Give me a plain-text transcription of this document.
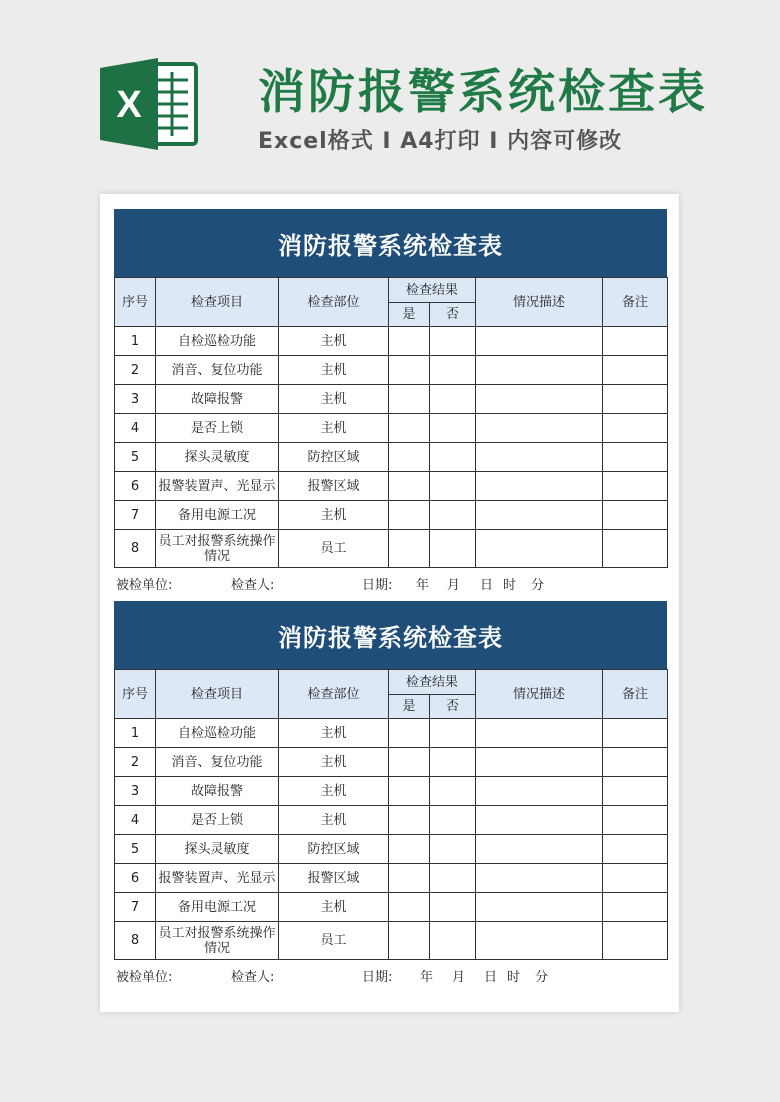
X 消防报警系统检查表
Excel格式 Ⅰ A4打印 Ⅰ 内容可修改
消防报警系统检查表
序号	检查项目	检查部位	检查结果		情况描述	备注
			是	否		
1	自检巡检功能	主机				
2	消音、复位功能	主机				
3	故障报警	主机				
4	是否上锁	主机				
5	探头灵敏度	防控区域				
6	报警装置声、光显示	报警区域				
7	备用电源工况	主机				
8	员工对报警系统操作情况	员工				
被检单位:	检查人:	日期: 年 月 日 时 分
消防报警系统检查表
序号	检查项目	检查部位	检查结果		情况描述	备注
			是	否		
1	自检巡检功能	主机				
2	消音、复位功能	主机				
3	故障报警	主机				
4	是否上锁	主机				
5	探头灵敏度	防控区域				
6	报警装置声、光显示	报警区域				
7	备用电源工况	主机				
8	员工对报警系统操作情况	员工				
被检单位:	检查人:	日期: 年 月 日 时 分
